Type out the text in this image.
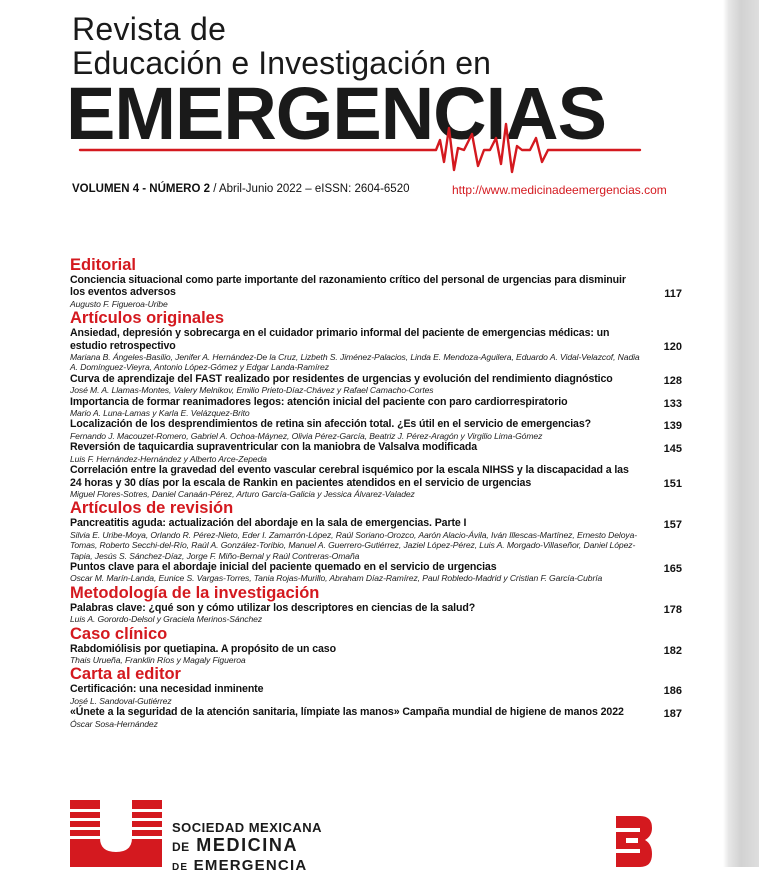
Revista de
Educación e Investigación en
EMERGENCIAS
VOLUMEN 4 - NÚMERO 2 / Abril-Junio 2022 – eISSN: 2604-6520	http://www.medicinadeemergencias.com
Editorial
Conciencia situacional como parte importante del razonamiento crítico del personal de urgencias para disminuir los eventos adversos
Augusto F. Figueroa-Uribe
117
Artículos originales
Ansiedad, depresión y sobrecarga en el cuidador primario informal del paciente de emergencias médicas: un estudio retrospectivo
Mariana B. Ángeles-Basilio, Jenifer A. Hernández-De la Cruz, Lizbeth S. Jiménez-Palacios, Linda E. Mendoza-Aguilera, Eduardo A. Vidal-Velazcof, Nadia A. Domínguez-Vieyra, Antonio López-Gómez y Edgar Landa-Ramírez
120
Curva de aprendizaje del FAST realizado por residentes de urgencias y evolución del rendimiento diagnóstico
José M. A. Llamas-Montes, Valery Melnikov, Emilio Prieto-Díaz-Chávez y Rafael Camacho-Cortes
128
Importancia de formar reanimadores legos: atención inicial del paciente con paro cardiorrespiratorio
Mario A. Luna-Lamas y Karla E. Velázquez-Brito
133
Localización de los desprendimientos de retina sin afección total. ¿Es útil en el servicio de emergencias?
Fernando J. Macouzet-Romero, Gabriel A. Ochoa-Máynez, Olivia Pérez-García, Beatriz J. Pérez-Aragón y Virgilio Lima-Gómez
139
Reversión de taquicardia supraventricular con la maniobra de Valsalva modificada
Luis F. Hernández-Hernández y Alberto Arce-Zepeda
145
Correlación entre la gravedad del evento vascular cerebral isquémico por la escala NIHSS y la discapacidad a las 24 horas y 30 días por la escala de Rankin en pacientes atendidos en el servicio de urgencias
Miguel Flores-Sotres, Daniel Canaán-Pérez, Arturo García-Galicia y Jessica Álvarez-Valadez
151
Artículos de revisión
Pancreatitis aguda: actualización del abordaje en la sala de emergencias. Parte I
Silvia E. Uribe-Moya, Orlando R. Pérez-Nieto, Eder I. Zamarrón-López, Raúl Soriano-Orozco, Aarón Alacio-Ávila, Iván Illescas-Martínez, Ernesto Deloya-Tomas, Roberto Secchi-del-Río, Raúl A. González-Toribio, Manuel A. Guerrero-Gutiérrez, Jaziel López-Pérez, Luis A. Morgado-Villaseñor, Daniel López-Tapia, Jesús S. Sánchez-Díaz, Jorge F. Miño-Bernal y Raúl Contreras-Omaña
157
Puntos clave para el abordaje inicial del paciente quemado en el servicio de urgencias
Oscar M. Marín-Landa, Eunice S. Vargas-Torres, Tania Rojas-Murillo, Abraham Díaz-Ramírez, Paul Robledo-Madrid y Cristian F. García-Cubría
165
Metodología de la investigación
Palabras clave: ¿qué son y cómo utilizar los descriptores en ciencias de la salud?
Luis A. Gorordo-Delsol y Graciela Merinos-Sánchez
178
Caso clínico
Rabdomiólisis por quetiapina. A propósito de un caso
Thais Urueña, Franklin Ríos y Magaly Figueroa
182
Carta al editor
Certificación: una necesidad inminente
José L. Sandoval-Gutiérrez
186
«Únete a la seguridad de la atención sanitaria, límpiate las manos» Campaña mundial de higiene de manos 2022
Óscar Sosa-Hernández
187
SOCIEDAD MEXICANA
DE MEDICINA
DE EMERGENCIA
